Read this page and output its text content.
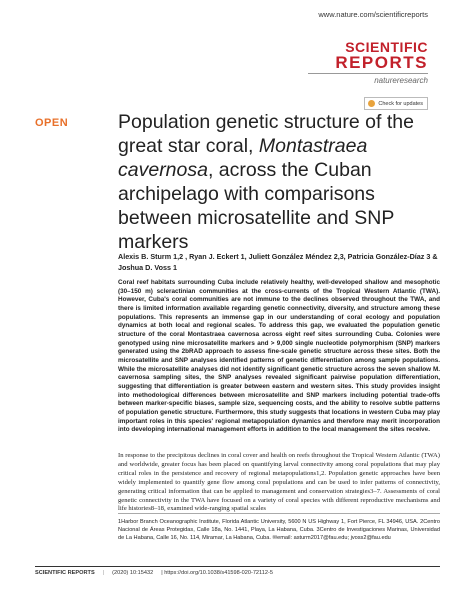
www.nature.com/scientificreports
SCIENTIFIC
REPORTS
natureresearch
Check for updates
OPEN	Population genetic structure of the great star coral, Montastraea cavernosa, across the Cuban archipelago with comparisons between microsatellite and SNP markers
Alexis B. Sturm 1,2 , Ryan J. Eckert 1, Juliett González Méndez 2,3, Patricia González-Díaz 3 & Joshua D. Voss 1
Coral reef habitats surrounding Cuba include relatively healthy, well-developed shallow and mesophotic (30–150 m) scleractinian communities at the cross-currents of the Tropical Western Atlantic (TWA). However, Cuba's coral communities are not immune to the declines observed throughout the TWA, and there is limited information available regarding genetic connectivity, diversity, and structure among these populations. This represents an immense gap in our understanding of coral ecology and population dynamics at both local and regional scales. To address this gap, we evaluated the population genetic structure of the coral Montastraea cavernosa across eight reef sites surrounding Cuba. Colonies were genotyped using nine microsatellite markers and > 9,000 single nucleotide polymorphism (SNP) markers generated using the 2bRAD approach to assess fine-scale genetic structure across these sites. Both the microsatellite and SNP analyses identified patterns of genetic differentiation among sample populations. While the microsatellite analyses did not identify significant genetic structure across the seven shallow M. cavernosa sampling sites, the SNP analyses revealed significant pairwise population differentiation, suggesting that differentiation is greater between eastern and western sites. This study provides insight into methodological differences between microsatellite and SNP markers including potential trade-offs between marker-specific biases, sample size, sequencing costs, and the ability to resolve subtle patterns of population genetic structure. Furthermore, this study suggests that locations in western Cuba may play important roles in this species' regional metapopulation dynamics and therefore may merit incorporation into developing international management efforts in addition to the local management the sites receive.
In response to the precipitous declines in coral cover and health on reefs throughout the Tropical Western Atlantic (TWA) and worldwide, greater focus has been placed on quantifying larval connectivity among coral populations that may play critical roles in the persistence and recovery of regional metapopulations1,2. Population genetic approaches have been widely implemented to quantify gene flow among coral populations and can be used to infer patterns of connectivity, generating critical information that can be applied to management and conservation strategies3–7. Assessments of coral genetic connectivity in the TWA have focused on a variety of coral species with different reproductive mechanisms and life histories8–18, examined wide-ranging spatial scales
1Harbor Branch Oceanographic Institute, Florida Atlantic University, 5600 N US Highway 1, Fort Pierce, FL 34946, USA. 2Centro Nacional de Áreas Protegidas, Calle 18a, No. 1441, Playa, La Habana, Cuba. 3Centro de Investigaciones Marinas, Universidad de La Habana, Calle 16, No. 114, Miramar, La Habana, Cuba. ✉email: asturm2017@fau.edu; jvoss2@fau.edu
SCIENTIFIC REPORTS | (2020) 10:15432 | https://doi.org/10.1038/s41598-020-72112-5
